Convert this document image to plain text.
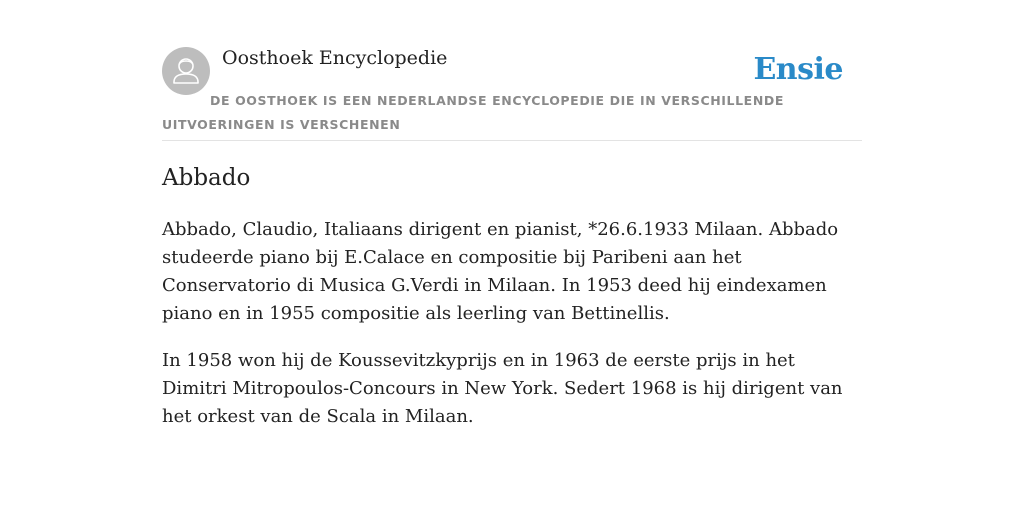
Oosthoek Encyclopedie	Ensie
DE OOSTHOEK IS EEN NEDERLANDSE ENCYCLOPEDIE DIE IN VERSCHILLENDE UITVOERINGEN IS VERSCHENEN
Abbado

Abbado, Claudio, Italiaans dirigent en pianist, *26.6.1933 Milaan. Abbado studeerde piano bij E.Calace en compositie bij Paribeni aan het Conservatorio di Musica G.Verdi in Milaan. In 1953 deed hij eindexamen piano en in 1955 compositie als leerling van Bettinellis.

In 1958 won hij de Koussevitzkyprijs en in 1963 de eerste prijs in het Dimitri Mitropoulos-Concours in New York. Sedert 1968 is hij dirigent van het orkest van de Scala in Milaan.
